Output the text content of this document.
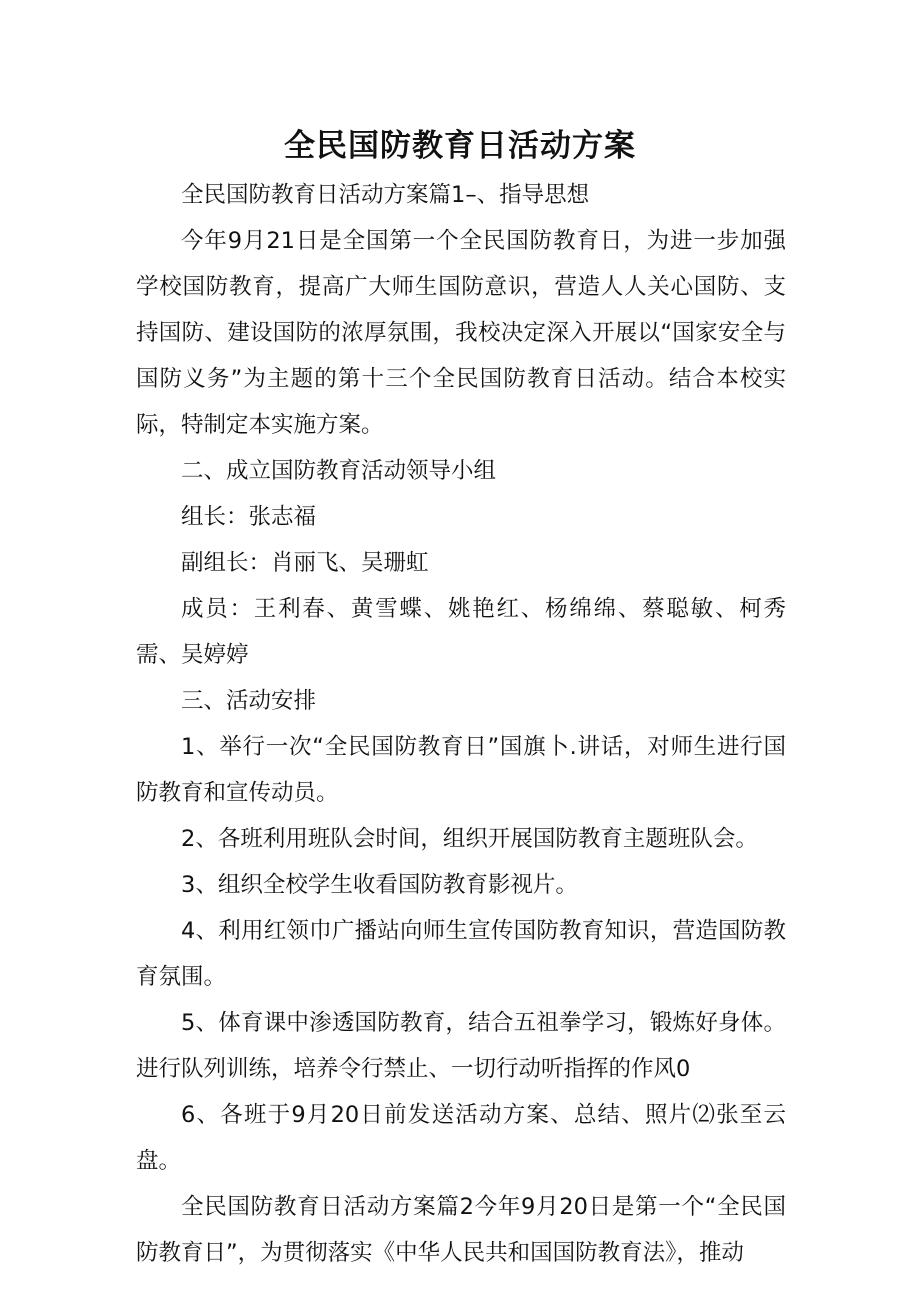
全民国防教育日活动方案

全民国防教育日活动方案篇1–、指导思想

今年9月21日是全国第一个全民国防教育日，为进一步加强学校国防教育，提高广大师生国防意识，营造人人关心国防、支持国防、建设国防的浓厚氛围，我校决定深入开展以“国家安全与国防义务”为主题的第十三个全民国防教育日活动。结合本校实际，特制定本实施方案。

二、成立国防教育活动领导小组

组长：张志福

副组长：肖丽飞、吴珊虹

成员：王利春、黄雪蝶、姚艳红、杨绵绵、蔡聪敏、柯秀需、吴婷婷

三、活动安排

1、举行一次“全民国防教育日”国旗卜.讲话，对师生进行国防教育和宣传动员。

2、各班利用班队会时间，组织开展国防教育主题班队会。

3、组织全校学生收看国防教育影视片。

4、利用红领巾广播站向师生宣传国防教育知识，营造国防教育氛围。

5、体育课中渗透国防教育，结合五祖拳学习，锻炼好身体。进行队列训练，培养令行禁止、一切行动听指挥的作风0

6、各班于9月20日前发送活动方案、总结、照片⑵张至云盘。

全民国防教育日活动方案篇2今年9月20日是第一个“全民国防教育日”，为贯彻落实《中华人民共和国国防教育法》，推动
